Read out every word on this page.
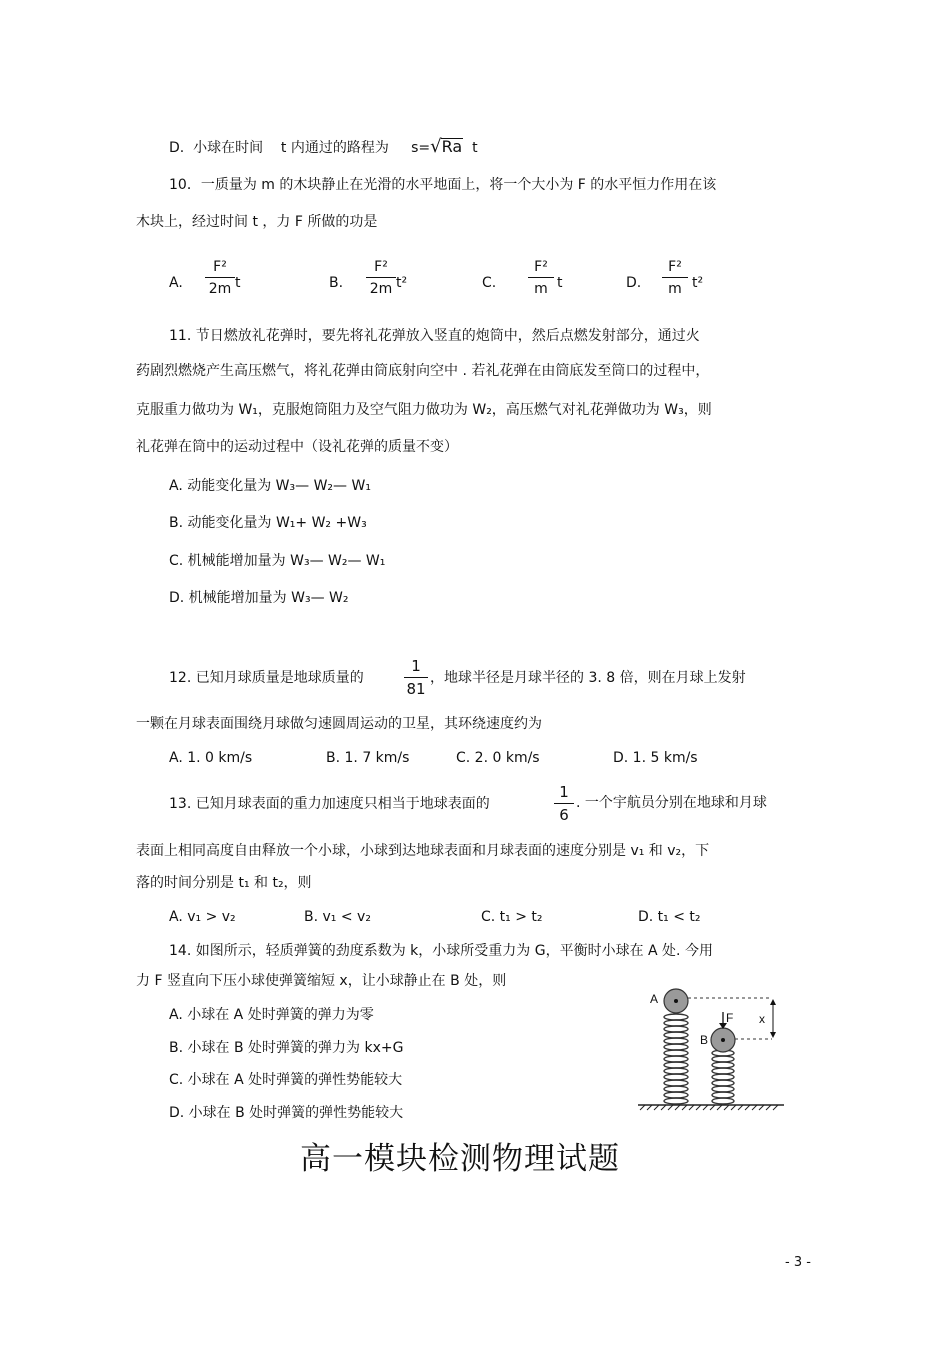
D.  小球在时间    t 内通过的路程为     s=√Ra  t
10．一质量为 m 的木块静止在光滑的水平地面上，将一个大小为 F 的水平恒力作用在该
木块上，经过时间 t ，力 F 所做的功是
A.
F²
2m t	B.
F²
2m t²	C.
F²
m t	D.
F²
m t²
11. 节日燃放礼花弹时，要先将礼花弹放入竖直的炮筒中，然后点燃发射部分，通过火
药剧烈燃烧产生高压燃气，将礼花弹由筒底射向空中 . 若礼花弹在由筒底发至筒口的过程中，
克服重力做功为 W₁，克服炮筒阻力及空气阻力做功为 W₂，高压燃气对礼花弹做功为 W₃，则
礼花弹在筒中的运动过程中（设礼花弹的质量不变）
A. 动能变化量为 W₃— W₂— W₁
B. 动能变化量为 W₁+ W₂ +W₃
C. 机械能增加量为 W₃— W₂— W₁
D. 机械能增加量为 W₃— W₂
12. 已知月球质量是地球质量的
1
81
，地球半径是月球半径的 3. 8 倍，则在月球上发射
一颗在月球表面围绕月球做匀速圆周运动的卫星，其环绕速度约为
A. 1. 0 km/s	B. 1. 7 km/s	C. 2. 0 km/s	D. 1. 5 km/s
13. 已知月球表面的重力加速度只相当于地球表面的
1
6
. 一个宇航员分别在地球和月球
表面上相同高度自由释放一个小球，小球到达地球表面和月球表面的速度分别是 v₁ 和 v₂，下
落的时间分别是 t₁ 和 t₂，则
A. v₁ > v₂	B. v₁ < v₂	C. t₁ > t₂	D. t₁ < t₂
14. 如图所示，轻质弹簧的劲度系数为 k，小球所受重力为 G，平衡时小球在 A 处. 今用
力 F 竖直向下压小球使弹簧缩短 x，让小球静止在 B 处，则
A. 小球在 A 处时弹簧的弹力为零
B. 小球在 B 处时弹簧的弹力为 kx+G
C. 小球在 A 处时弹簧的弹性势能较大
D. 小球在 B 处时弹簧的弹性势能较大
A
B
F x
高一模块检测物理试题
- 3 -
